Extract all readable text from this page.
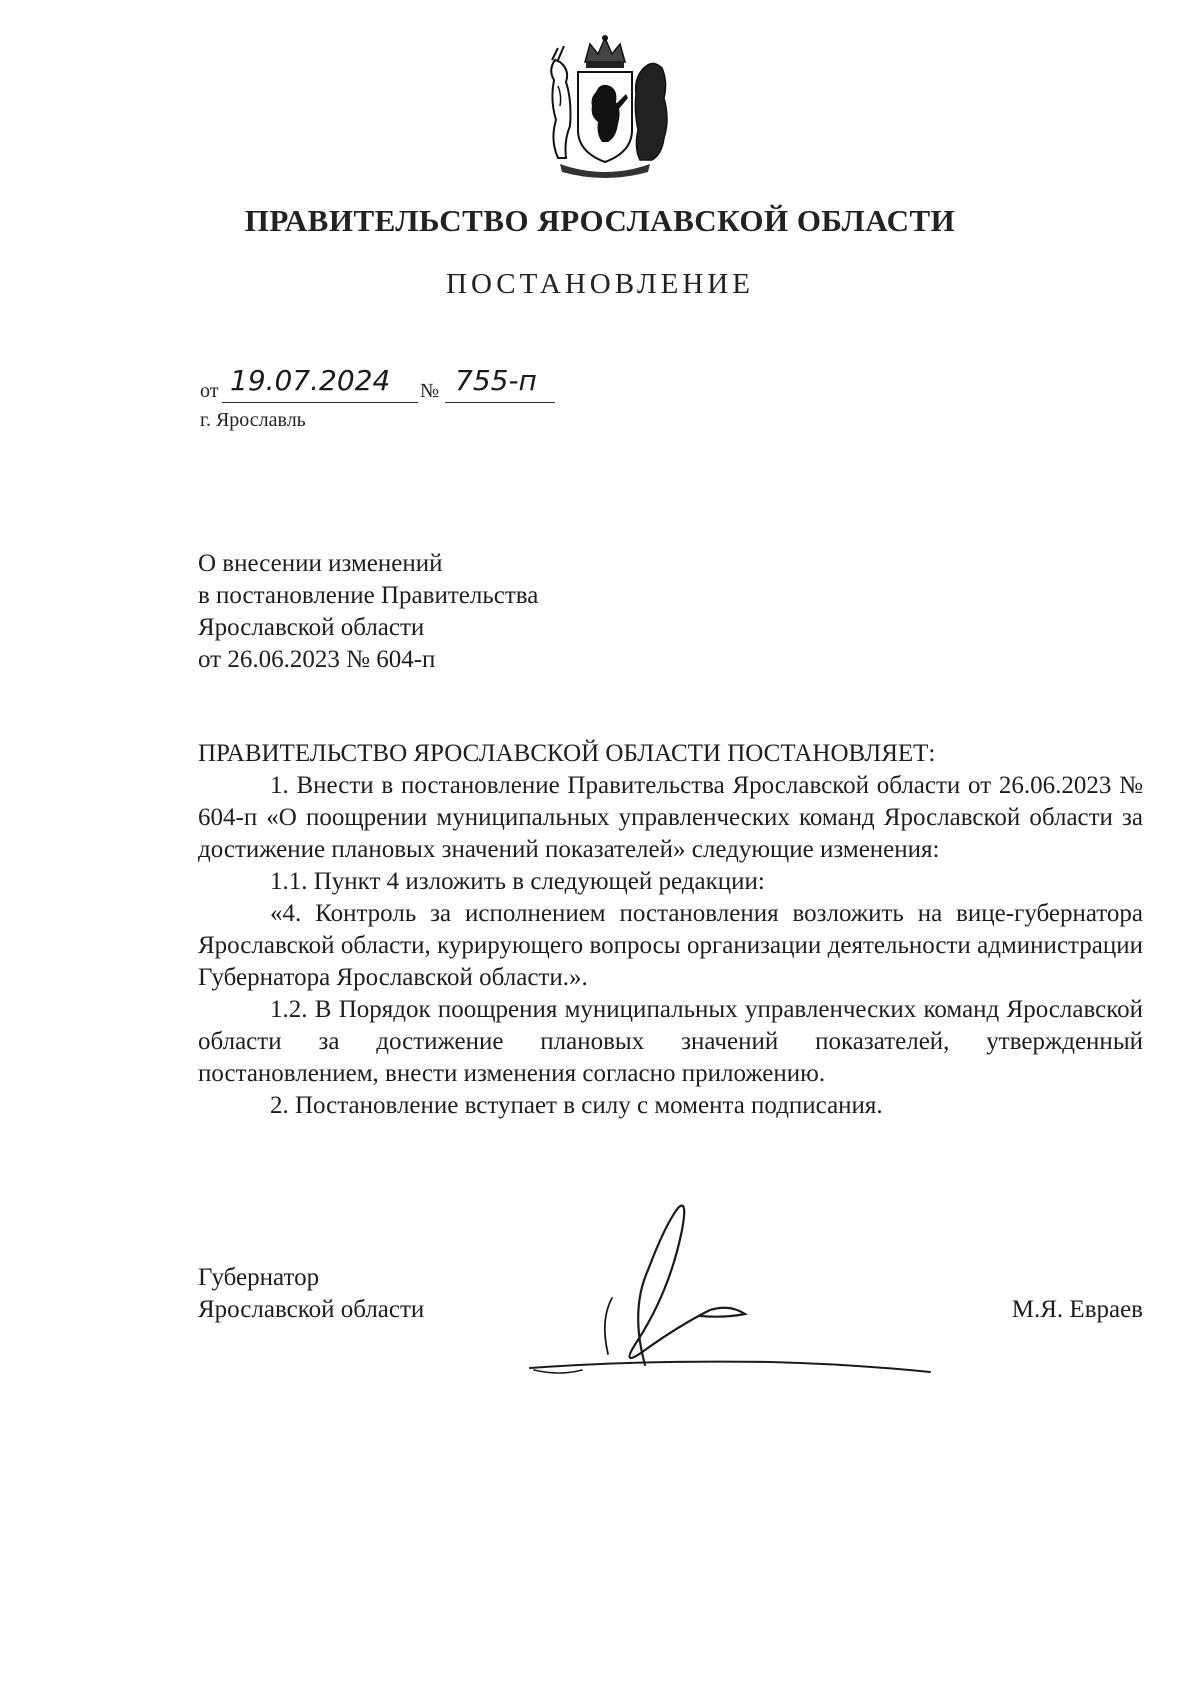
ПРАВИТЕЛЬСТВО ЯРОСЛАВСКОЙ ОБЛАСТИ
ПОСТАНОВЛЕНИЕ
от 19.07.2024 № 755-п
г. Ярославль
О внесении изменений
в постановление Правительства
Ярославской области
от 26.06.2023 № 604-п
ПРАВИТЕЛЬСТВО ЯРОСЛАВСКОЙ ОБЛАСТИ ПОСТАНОВЛЯЕТ:
1. Внести в постановление Правительства Ярославской области от 26.06.2023 № 604-п «О поощрении муниципальных управленческих команд Ярославской области за достижение плановых значений показателей» следующие изменения:
1.1. Пункт 4 изложить в следующей редакции:
«4. Контроль за исполнением постановления возложить на вице-губернатора Ярославской области, курирующего вопросы организации деятельности администрации Губернатора Ярославской области.».
1.2. В Порядок поощрения муниципальных управленческих команд Ярославской области за достижение плановых значений показателей, утвержденный постановлением, внести изменения согласно приложению.
2. Постановление вступает в силу с момента подписания.
Губернатор
Ярославской области	М.Я. Евраев
